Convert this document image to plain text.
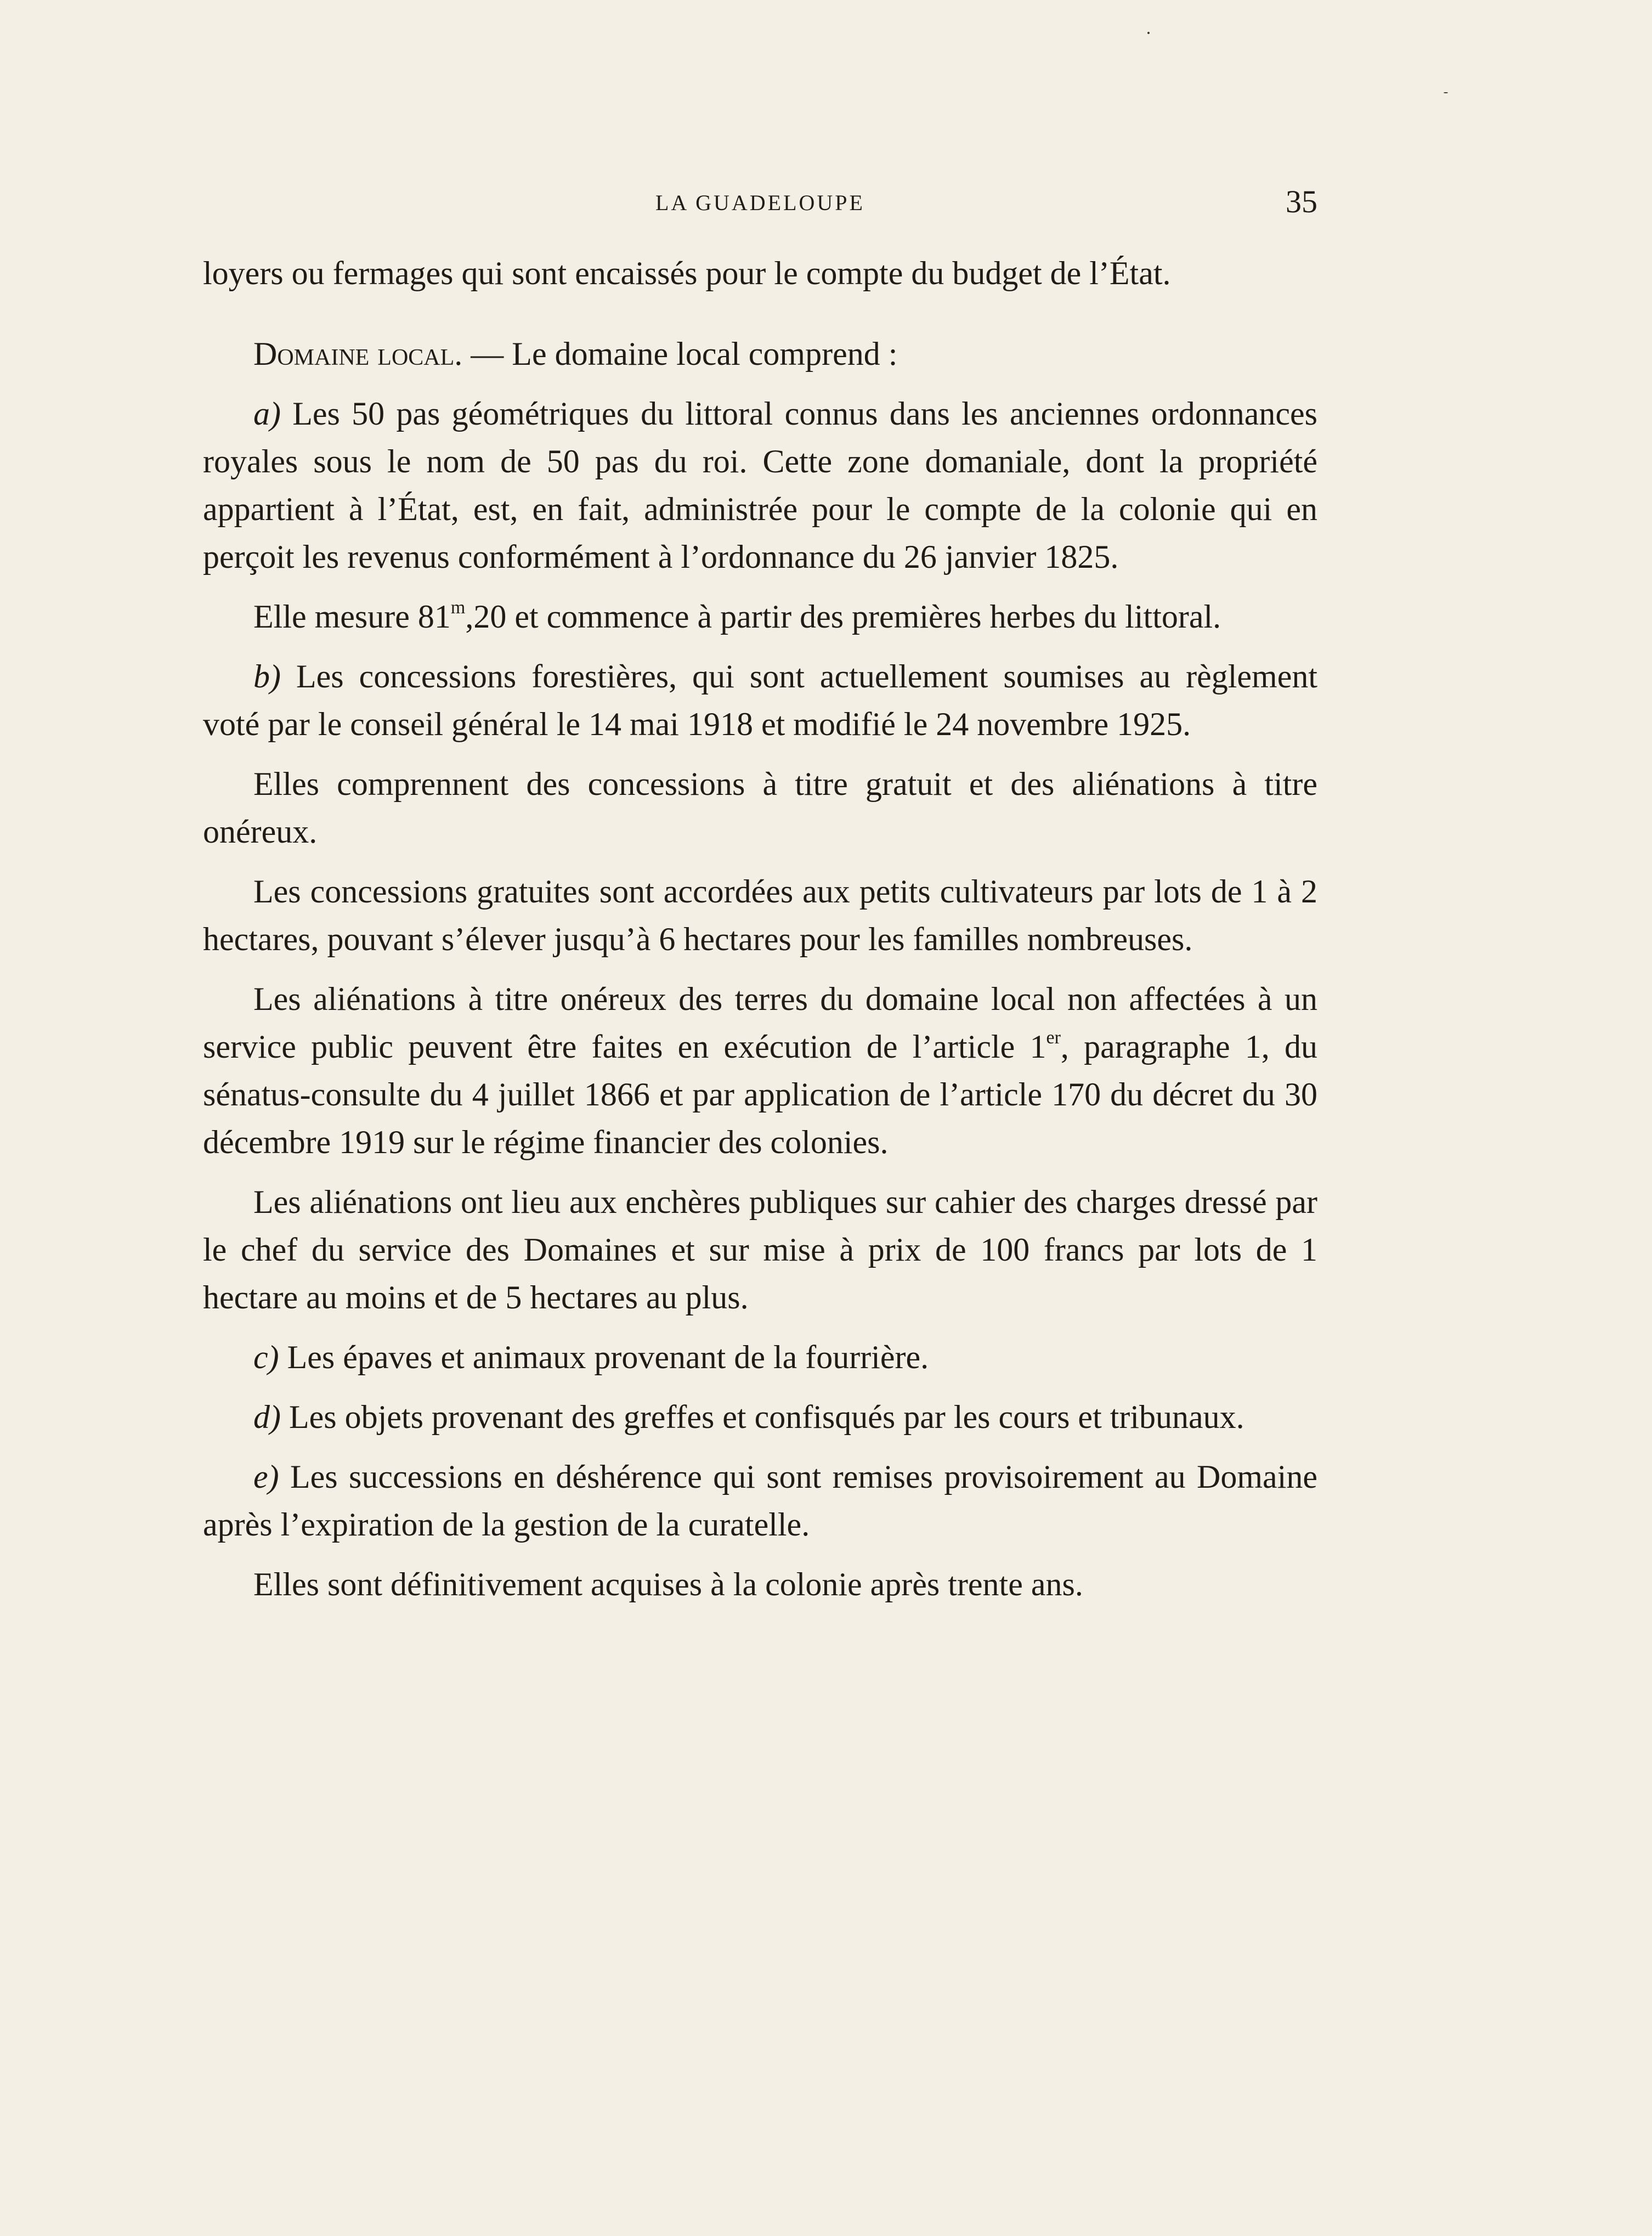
LA GUADELOUPE	35

loyers ou fermages qui sont encaissés pour le compte du budget de l’État.

Domaine local. — Le domaine local comprend :

a) Les 50 pas géométriques du littoral connus dans les anciennes ordonnances royales sous le nom de 50 pas du roi. Cette zone domaniale, dont la propriété appartient à l’État, est, en fait, administrée pour le compte de la colonie qui en perçoit les revenus conformément à l’ordonnance du 26 janvier 1825.

Elle mesure 81$^m$,20 et commence à partir des premières herbes du littoral.

b) Les concessions forestières, qui sont actuellement soumises au règlement voté par le conseil général le 14 mai 1918 et modifié le 24 novembre 1925.

Elles comprennent des concessions à titre gratuit et des aliénations à titre onéreux.

Les concessions gratuites sont accordées aux petits cultivateurs par lots de 1 à 2 hectares, pouvant s’élever jusqu’à 6 hectares pour les familles nombreuses.

Les aliénations à titre onéreux des terres du domaine local non affectées à un service public peuvent être faites en exécution de l’article 1er, paragraphe 1, du sénatus-consulte du 4 juillet 1866 et par application de l’article 170 du décret du 30 décembre 1919 sur le régime financier des colonies.

Les aliénations ont lieu aux enchères publiques sur cahier des charges dressé par le chef du service des Domaines et sur mise à prix de 100 francs par lots de 1 hectare au moins et de 5 hectares au plus.

c) Les épaves et animaux provenant de la fourrière.

d) Les objets provenant des greffes et confisqués par les cours et tribunaux.

e) Les successions en déshérence qui sont remises provisoirement au Domaine après l’expiration de la gestion de la curatelle.

Elles sont définitivement acquises à la colonie après trente ans.
